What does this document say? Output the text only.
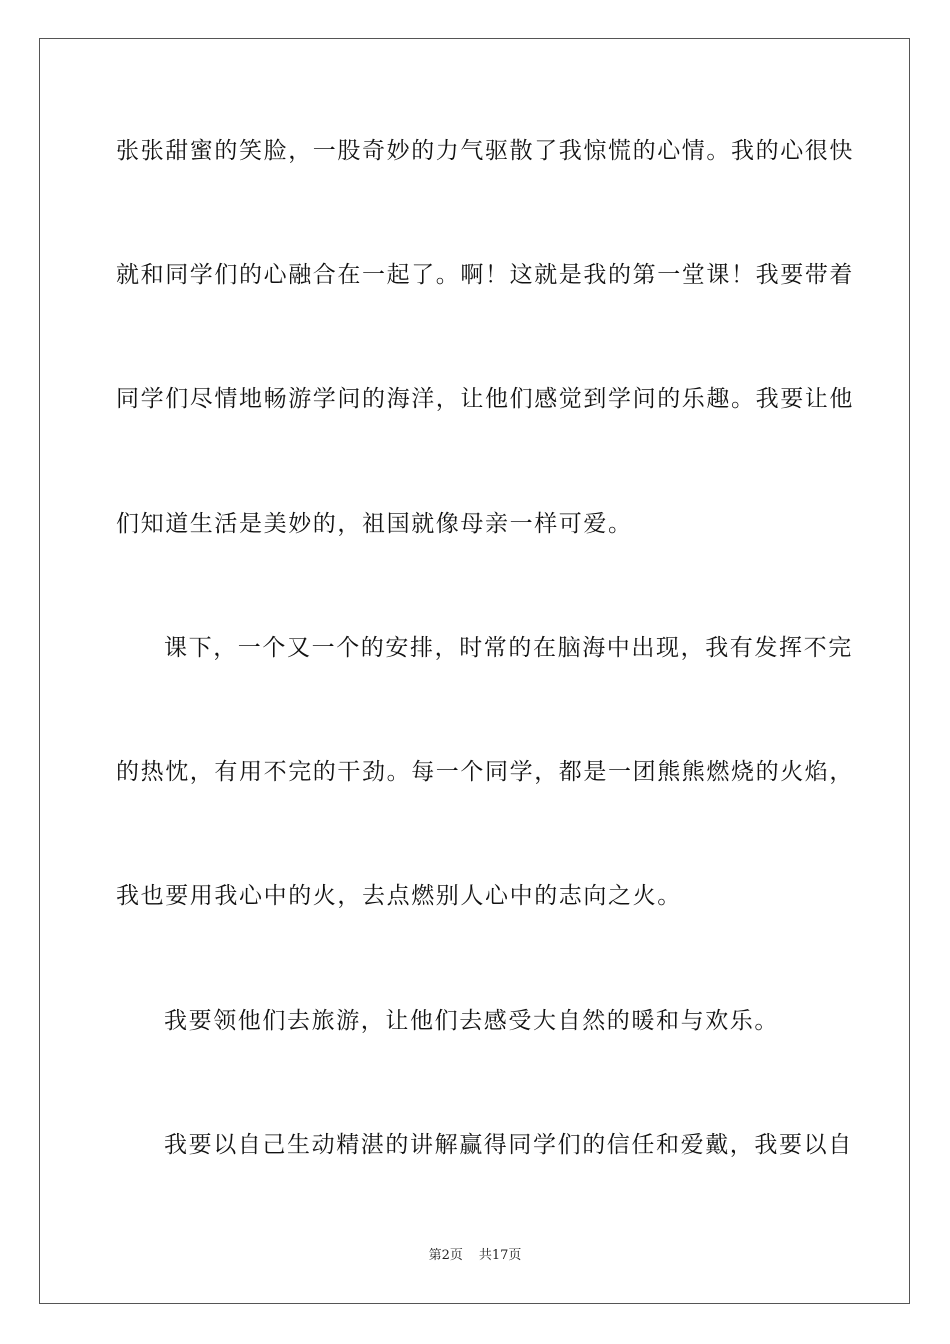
张张甜蜜的笑脸，一股奇妙的力气驱散了我惊慌的心情。我的心很快
就和同学们的心融合在一起了。啊！这就是我的第一堂课！我要带着
同学们尽情地畅游学问的海洋，让他们感觉到学问的乐趣。我要让他
们知道生活是美妙的，祖国就像母亲一样可爱。
课下，一个又一个的安排，时常的在脑海中出现，我有发挥不完
的热忱，有用不完的干劲。每一个同学，都是一团熊熊燃烧的火焰，
我也要用我心中的火，去点燃别人心中的志向之火。
我要领他们去旅游，让他们去感受大自然的暖和与欢乐。
我要以自己生动精湛的讲解赢得同学们的信任和爱戴，我要以自
第2页 共17页
